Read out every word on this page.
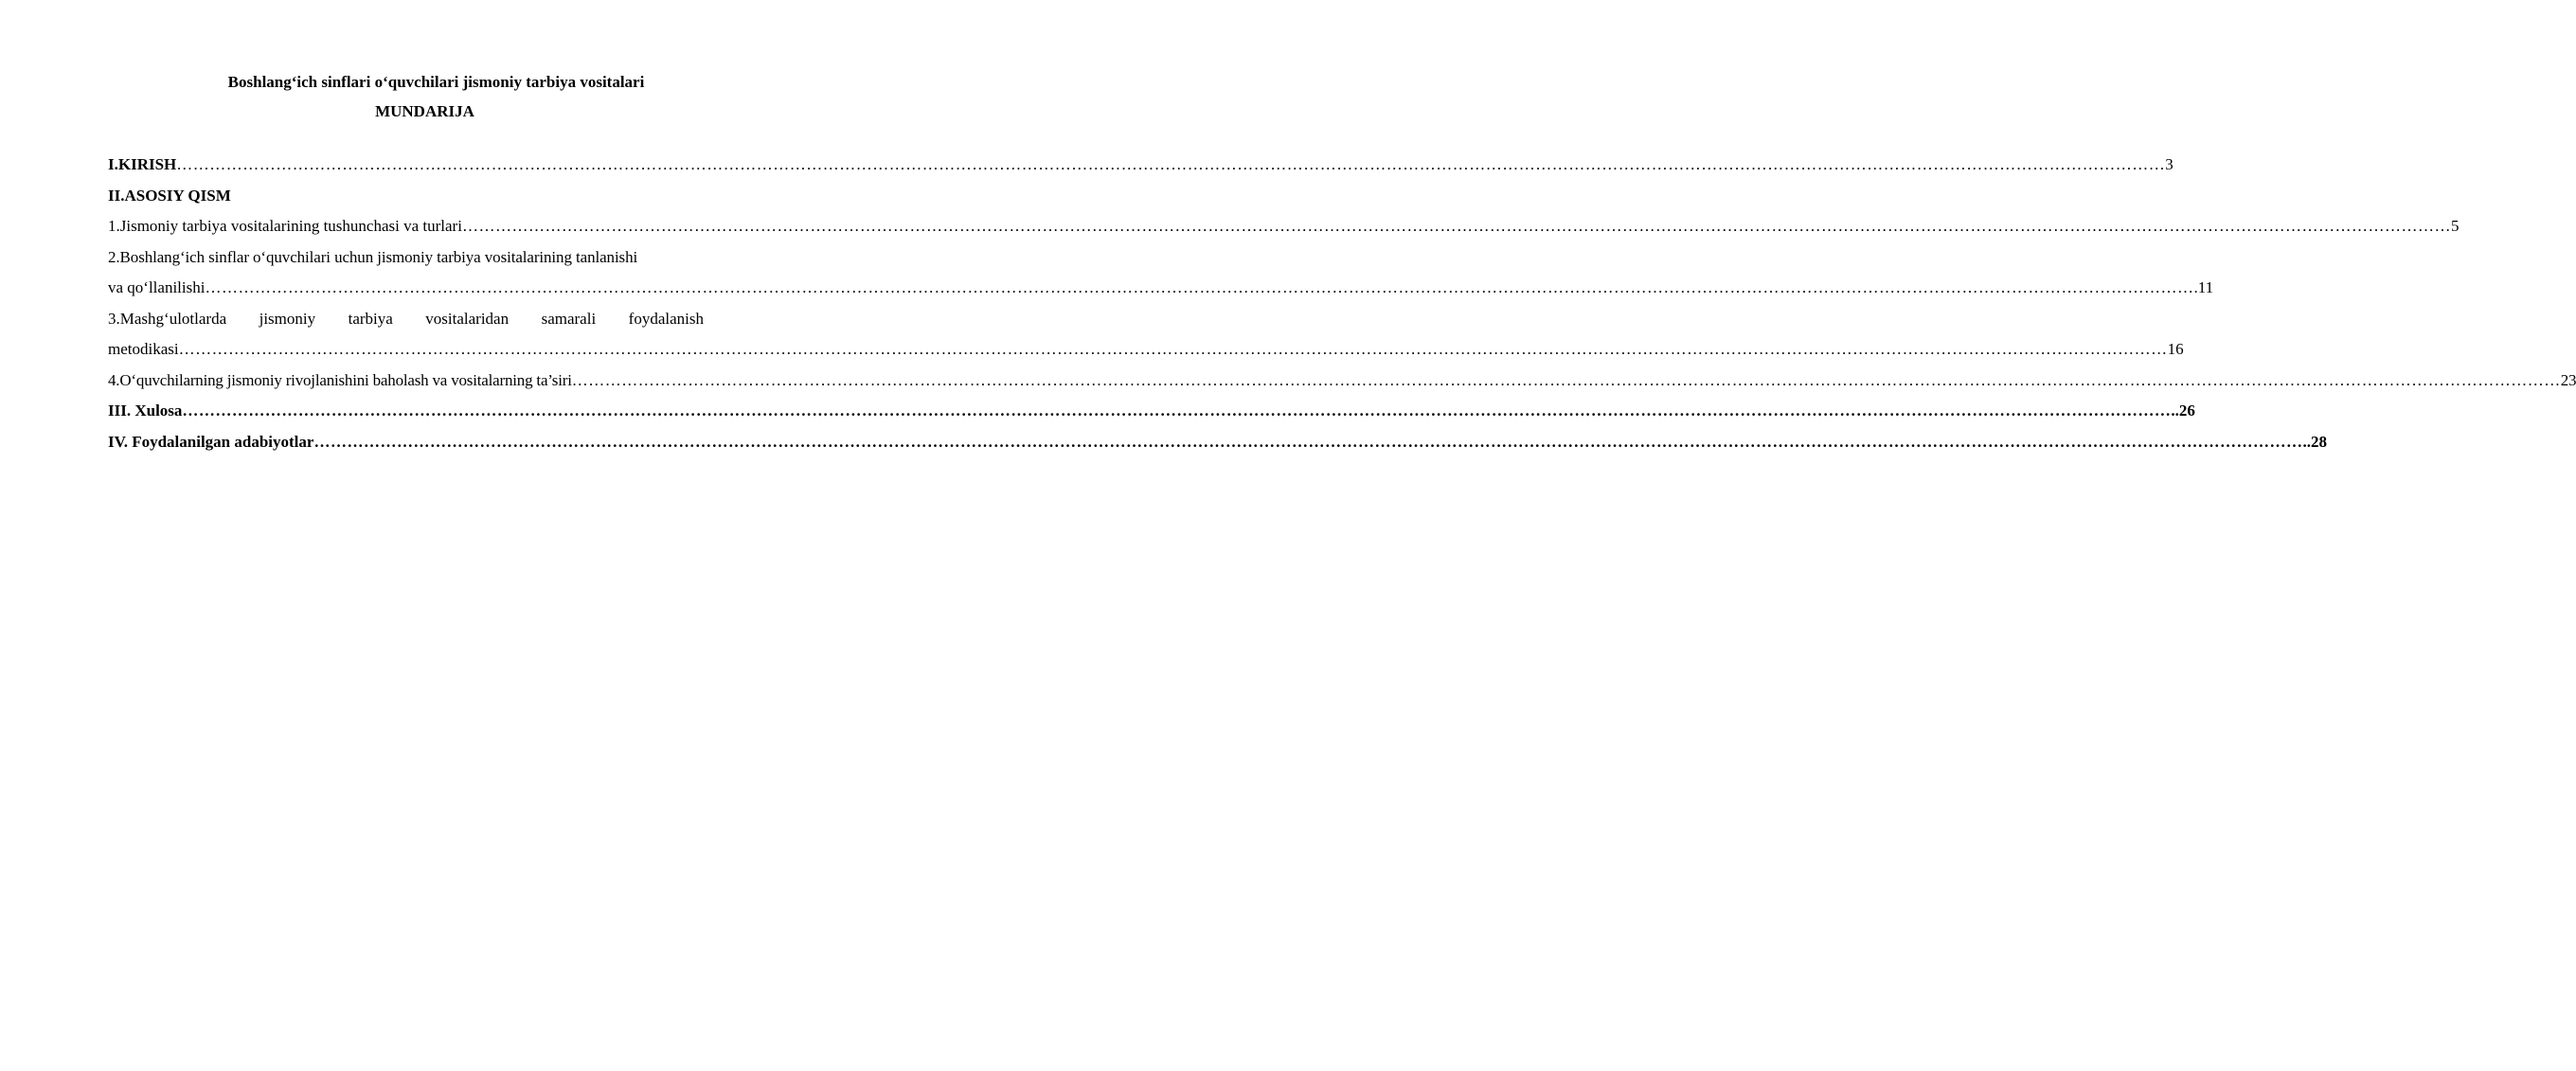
Boshlang‘ich sinflari o‘quvchilari jismoniy tarbiya vositalari

MUNDARIJA

I.KIRISH ……………………………………………………………………………………………………………………………………………………………………………………………………………………………………………………………………………………………………………………………… 3
II.ASOSIY QISM
1.Jismoniy tarbiya vositalarining tushunchasi va turlari ……………………………………………………………………………………………………………………………………………………………………………………………………………………………………………………………………………………………………………………………… 5
2.Boshlang‘ich sinflar o‘quvchilari uchun jismoniy tarbiya vositalarining tanlanishi
va qo‘llanilishi ……………………………………………………………………………………………………………………………………………………………………………………………………………………………………………………………………………………………………………………………… .11
3.Mashg‘ulotlarda jismoniy tarbiya vositalaridan samarali foydalanish
metodikasi ……………………………………………………………………………………………………………………………………………………………………………………………………………………………………………………………………………………………………………………………… 16
4.O‘quvchilarning jismoniy rivojlanishini baholash va vositalarning ta’siri ……………………………………………………………………………………………………………………………………………………………………………………………………………………………………………………………………………………………………………………………… 23
III. Xulosa ……………………………………………………………………………………………………………………………………………………………………………………………………………………………………………………………………………………………………………………………… ..26
IV. Foydalanilgan adabiyotlar ……………………………………………………………………………………………………………………………………………………………………………………………………………………………………………………………………………………………………………………………… ..28
